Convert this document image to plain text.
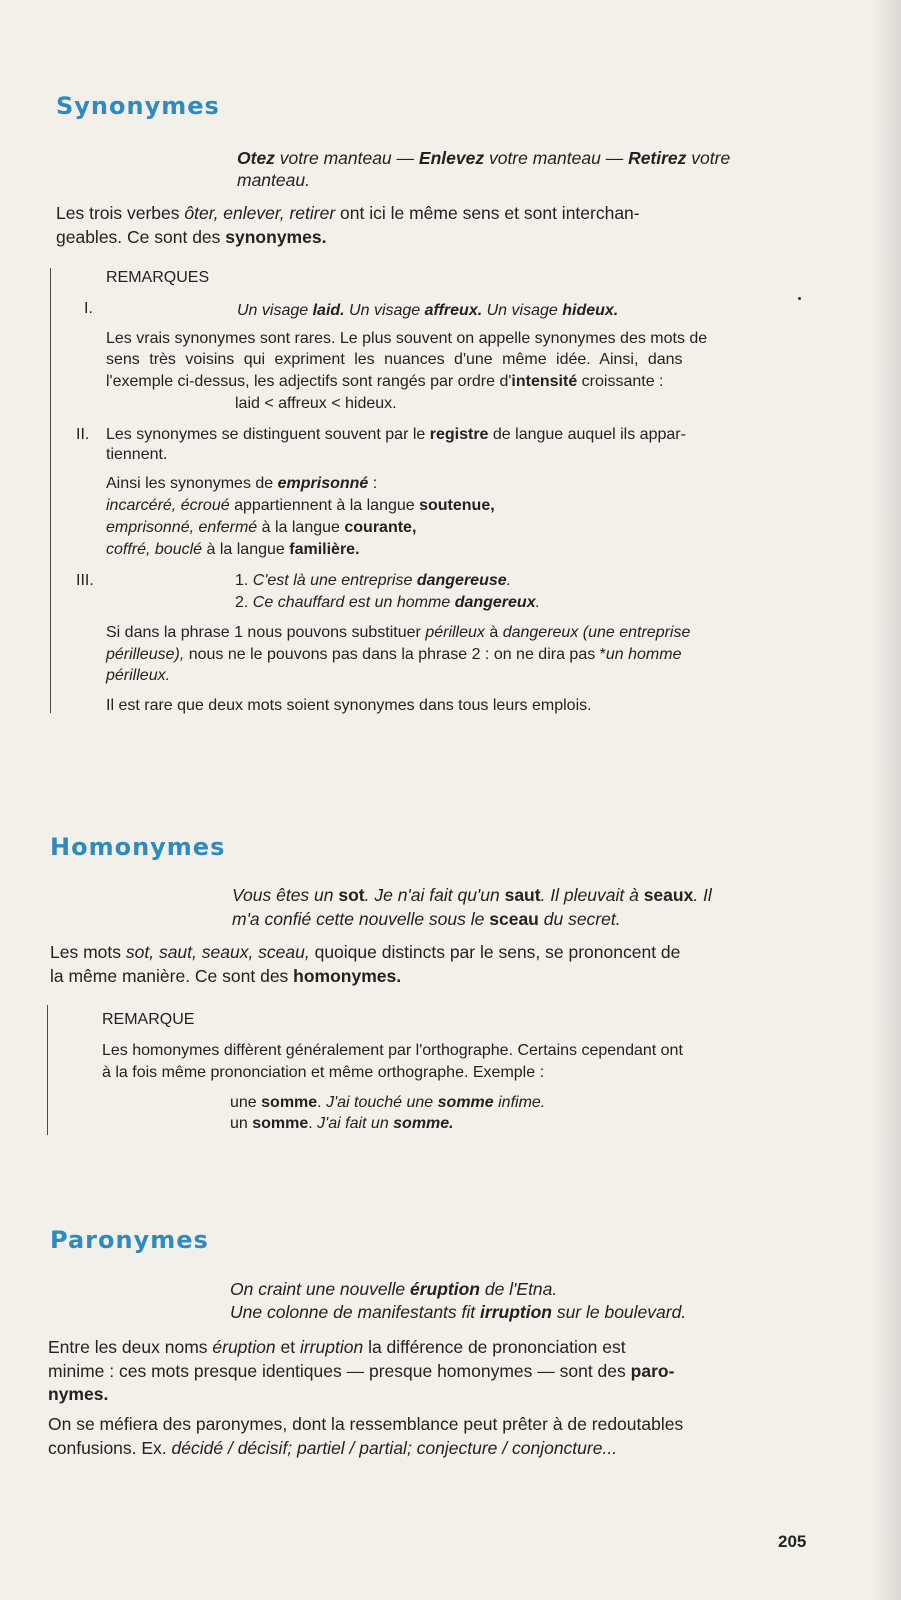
Synonymes
Otez votre manteau — Enlevez votre manteau — Retirez votre
manteau.
Les trois verbes ôter, enlever, retirer ont ici le même sens et sont interchan-
geables. Ce sont des synonymes.
REMARQUES
I.	Un visage laid. Un visage affreux. Un visage hideux.
Les vrais synonymes sont rares. Le plus souvent on appelle synonymes des mots de
sens très voisins qui expriment les nuances d'une même idée. Ainsi, dans
l'exemple ci-dessus, les adjectifs sont rangés par ordre d'intensité croissante :
laid < affreux < hideux.
II. Les synonymes se distinguent souvent par le registre de langue auquel ils appar-
tiennent.
Ainsi les synonymes de emprisonné :
incarcéré, écroué appartiennent à la langue soutenue,
emprisonné, enfermé à la langue courante,
coffré, bouclé à la langue familière.
III.	1. C'est là une entreprise dangereuse.
2. Ce chauffard est un homme dangereux.
Si dans la phrase 1 nous pouvons substituer périlleux à dangereux (une entreprise
périlleuse), nous ne le pouvons pas dans la phrase 2 : on ne dira pas *un homme
périlleux.
Il est rare que deux mots soient synonymes dans tous leurs emplois.
Homonymes
Vous êtes un sot. Je n'ai fait qu'un saut. Il pleuvait à seaux. Il
m'a confié cette nouvelle sous le sceau du secret.
Les mots sot, saut, seaux, sceau, quoique distincts par le sens, se prononcent de
la même manière. Ce sont des homonymes.
REMARQUE
Les homonymes diffèrent généralement par l'orthographe. Certains cependant ont
à la fois même prononciation et même orthographe. Exemple :
une somme. J'ai touché une somme infime.
un somme. J'ai fait un somme.
Paronymes
On craint une nouvelle éruption de l'Etna.
Une colonne de manifestants fit irruption sur le boulevard.
Entre les deux noms éruption et irruption la différence de prononciation est
minime : ces mots presque identiques — presque homonymes — sont des paro-
nymes.
On se méfiera des paronymes, dont la ressemblance peut prêter à de redoutables
confusions. Ex. décidé / décisif; partiel / partial; conjecture / conjoncture...
205
